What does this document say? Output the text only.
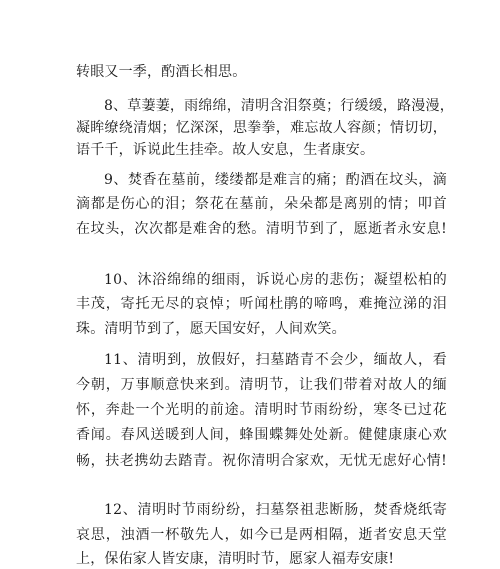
转眼又一季，酌酒长相思。
8、草萋萋，雨绵绵，清明含泪祭奠；行缓缓，路漫漫，
凝眸缭绕清烟；忆深深，思拳拳，难忘故人容颜；情切切，
语千千，诉说此生挂牵。故人安息，生者康安。
9、焚香在墓前，缕缕都是难言的痛；酌酒在坟头，滴
滴都是伤心的泪；祭花在墓前，朵朵都是离别的情；叩首
在坟头，次次都是难舍的愁。清明节到了，愿逝者永安息!
10、沐浴绵绵的细雨，诉说心房的悲伤；凝望松柏的
丰茂，寄托无尽的哀悼；听闻杜鹃的啼鸣，难掩泣涕的泪
珠。清明节到了，愿天国安好，人间欢笑。
11、清明到，放假好，扫墓踏青不会少，缅故人，看
今朝，万事顺意快来到。清明节，让我们带着对故人的缅
怀，奔赴一个光明的前途。清明时节雨纷纷，寒冬已过花
香闻。春风送暖到人间，蜂围蝶舞处处新。健健康康心欢
畅，扶老携幼去踏青。祝你清明合家欢，无忧无虑好心情!
12、清明时节雨纷纷，扫墓祭祖悲断肠，焚香烧纸寄
哀思，浊酒一杯敬先人，如今已是两相隔，逝者安息天堂
上，保佑家人皆安康，清明时节，愿家人福寿安康!
